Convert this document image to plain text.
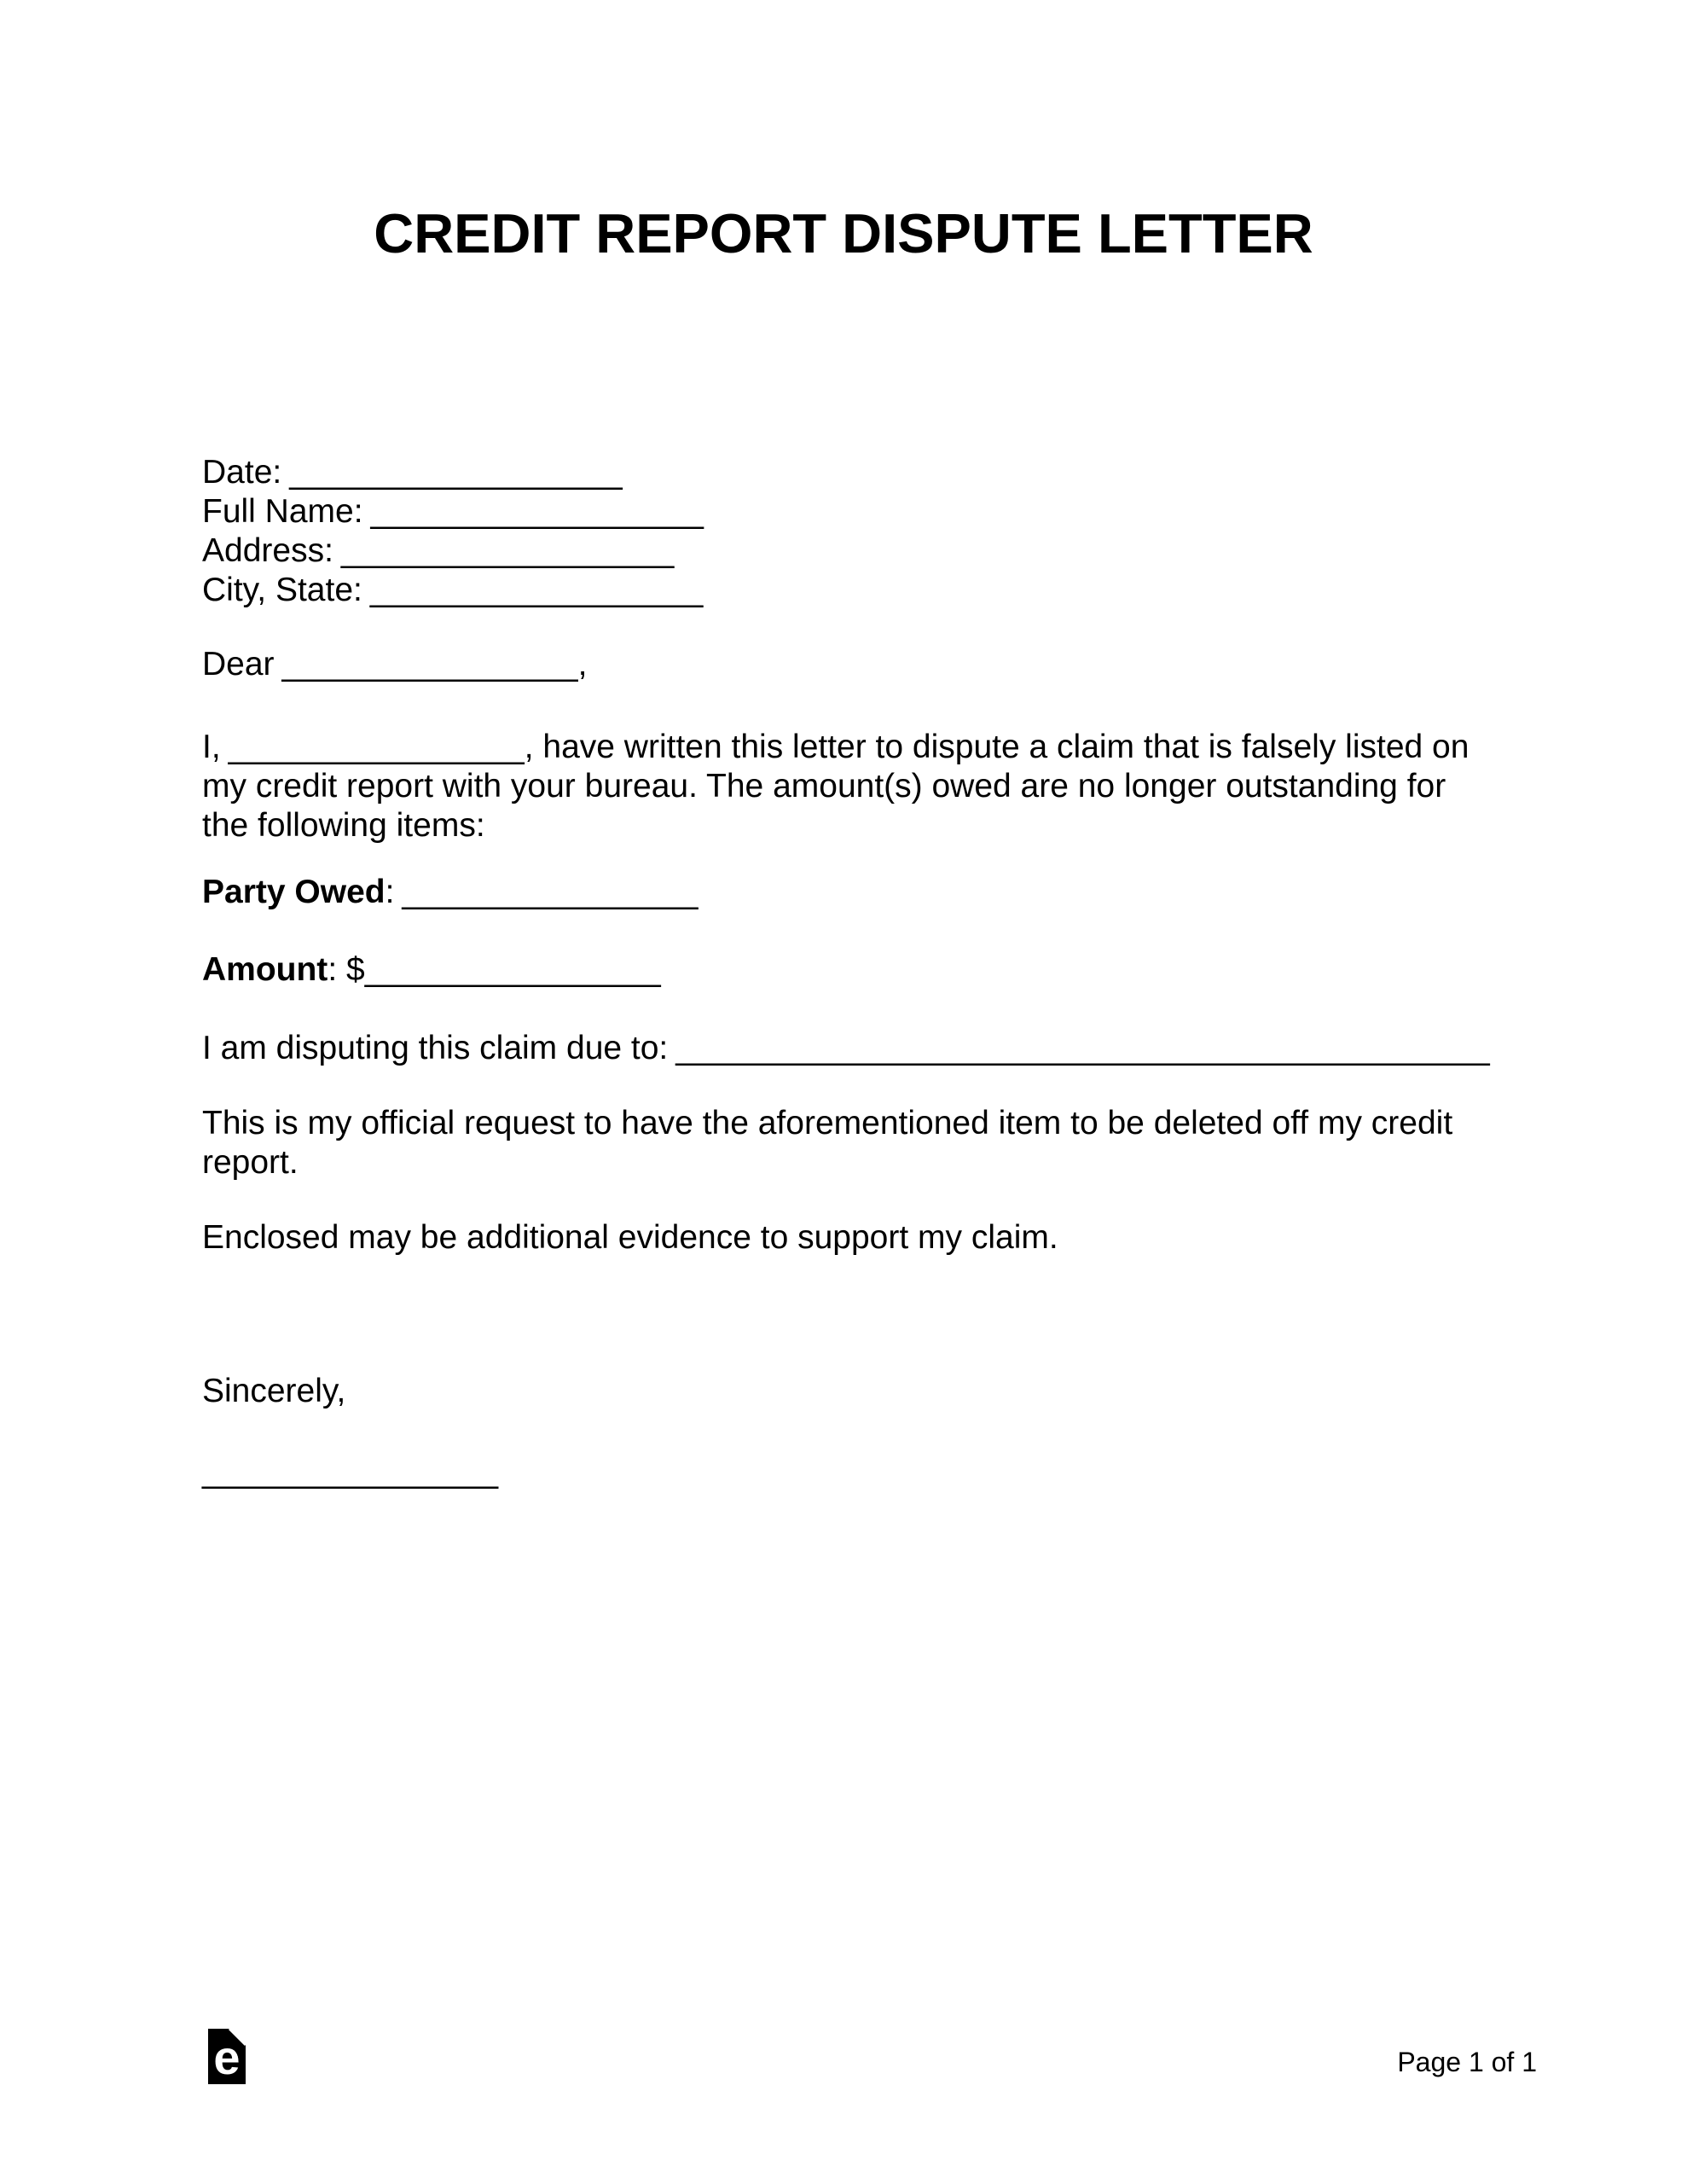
CREDIT REPORT DISPUTE LETTER
Date: __________________
Full Name: __________________
Address: __________________
City, State: __________________

Dear ________________,

I, ________________, have written this letter to dispute a claim that is falsely listed on my credit report with your bureau. The amount(s) owed are no longer outstanding for the following items:

Party Owed: ________________

Amount: $________________

I am disputing this claim due to: ____________________________________________

This is my official request to have the aforementioned item to be deleted off my credit report.

Enclosed may be additional evidence to support my claim.

Sincerely,

________________

e	Page 1 of 1
